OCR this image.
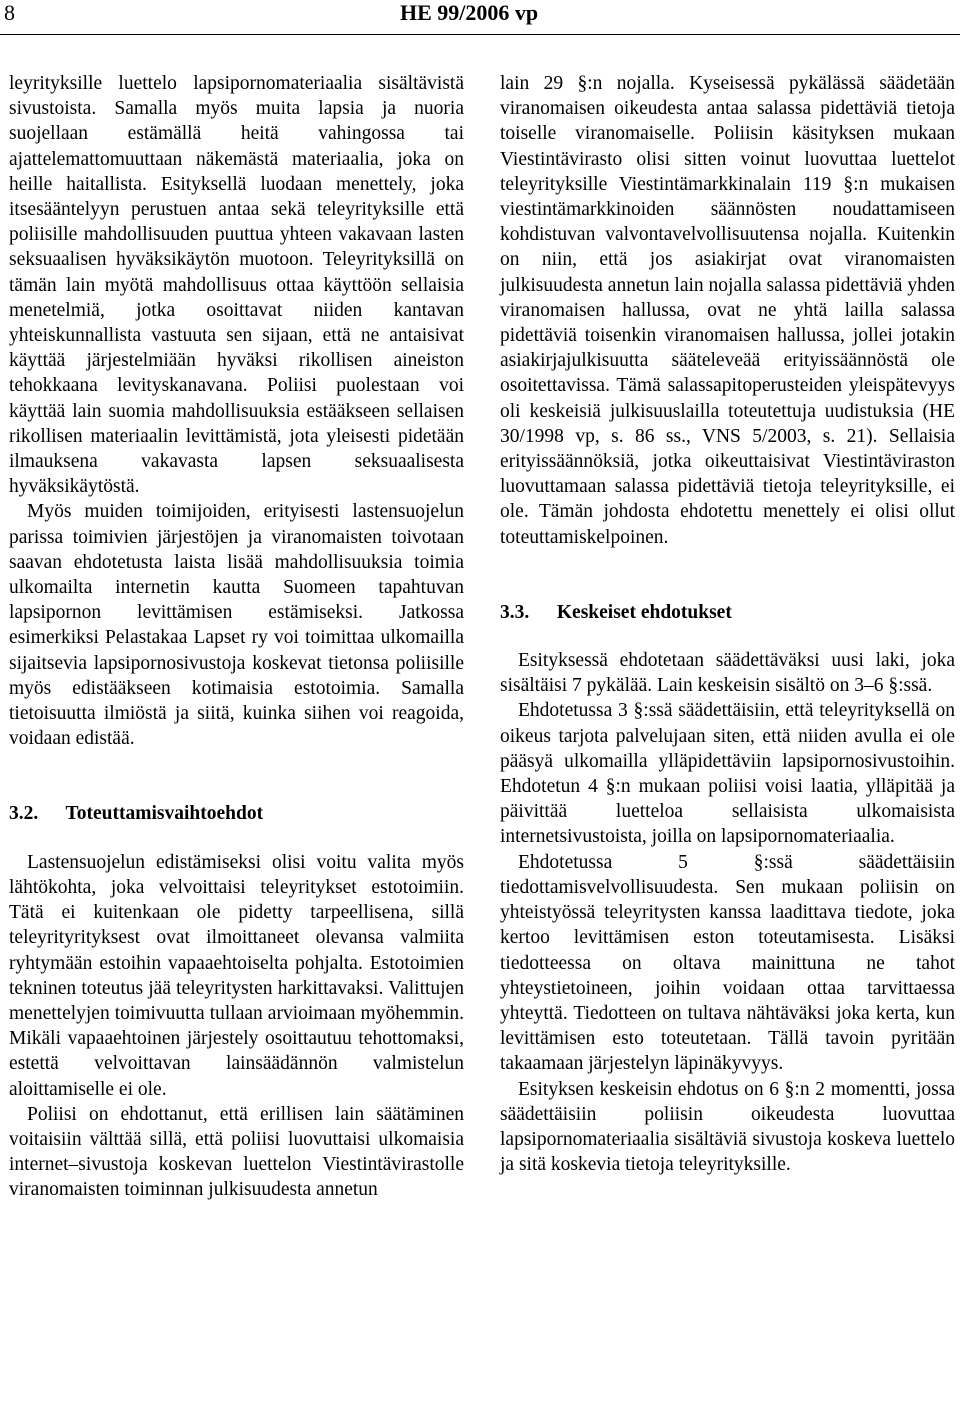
8	HE 99/2006 vp

leyrityksille luettelo lapsipornomateriaalia sisältävistä sivustoista. Samalla myös muita lapsia ja nuoria suojellaan estämällä heitä vahingossa tai ajattelemattomuuttaan näkemästä materiaalia, joka on heille haitallista. Esityksellä luodaan menettely, joka itsesääntelyyn perustuen antaa sekä teleyrityksille että poliisille mahdollisuuden puuttua yhteen vakavaan lasten seksuaalisen hyväksikäytön muotoon. Teleyrityksillä on tämän lain myötä mahdollisuus ottaa käyttöön sellaisia menetelmiä, jotka osoittavat niiden kantavan yhteiskunnallista vastuuta sen sijaan, että ne antaisivat käyttää järjestelmiään hyväksi rikollisen aineiston tehokkaana levityskanavana. Poliisi puolestaan voi käyttää lain suomia mahdollisuuksia estääkseen sellaisen rikollisen materiaalin levittämistä, jota yleisesti pidetään ilmauksena vakavasta lapsen seksuaalisesta hyväksikäytöstä.

Myös muiden toimijoiden, erityisesti lastensuojelun parissa toimivien järjestöjen ja viranomaisten toivotaan saavan ehdotetusta laista lisää mahdollisuuksia toimia ulkomailta internetin kautta Suomeen tapahtuvan lapsipornon levittämisen estämiseksi. Jatkossa esimerkiksi Pelastakaa Lapset ry voi toimittaa ulkomailla sijaitsevia lapsipornosivustoja koskevat tietonsa poliisille myös edistääkseen kotimaisia estotoimia. Samalla tietoisuutta ilmiöstä ja siitä, kuinka siihen voi reagoida, voidaan edistää.

3.2. Toteuttamisvaihtoehdot

Lastensuojelun edistämiseksi olisi voitu valita myös lähtökohta, joka velvoittaisi teleyritykset estotoimiin. Tätä ei kuitenkaan ole pidetty tarpeellisena, sillä teleyrityrityksest ovat ilmoittaneet olevansa valmiita ryhtymään estoihin vapaaehtoiselta pohjalta. Estotoimien tekninen toteutus jää teleyritysten harkittavaksi. Valittujen menettelyjen toimivuutta tullaan arvioimaan myöhemmin. Mikäli vapaaehtoinen järjestely osoittautuu tehottomaksi, estettä velvoittavan lainsäädännön valmistelun aloittamiselle ei ole.

Poliisi on ehdottanut, että erillisen lain säätäminen voitaisiin välttää sillä, että poliisi luovuttaisi ulkomaisia internet–sivustoja koskevan luettelon Viestintävirastolle viranomaisten toiminnan julkisuudesta annetun

lain 29 §:n nojalla. Kyseisessä pykälässä säädetään viranomaisen oikeudesta antaa salassa pidettäviä tietoja toiselle viranomaiselle. Poliisin käsityksen mukaan Viestintävirasto olisi sitten voinut luovuttaa luettelot teleyrityksille Viestintämarkkinalain 119 §:n mukaisen viestintämarkkinoiden säännösten noudattamiseen kohdistuvan valvontavelvollisuutensa nojalla. Kuitenkin on niin, että jos asiakirjat ovat viranomaisten julkisuudesta annetun lain nojalla salassa pidettäviä yhden viranomaisen hallussa, ovat ne yhtä lailla salassa pidettäviä toisenkin viranomaisen hallussa, jollei jotakin asiakirjajulkisuutta sääteleveää erityissäännöstä ole osoitettavissa. Tämä salassapitoperusteiden yleispätevyys oli keskeisiä julkisuuslailla toteutettuja uudistuksia (HE 30/1998 vp, s. 86 ss., VNS 5/2003, s. 21). Sellaisia erityissäännöksiä, jotka oikeuttaisivat Viestintäviraston luovuttamaan salassa pidettäviä tietoja teleyrityksille, ei ole. Tämän johdosta ehdotettu menettely ei olisi ollut toteuttamiskelpoinen.

3.3. Keskeiset ehdotukset

Esityksessä ehdotetaan säädettäväksi uusi laki, joka sisältäisi 7 pykälää. Lain keskeisin sisältö on 3–6 §:ssä.

Ehdotetussa 3 §:ssä säädettäisiin, että teleyrityksellä on oikeus tarjota palvelujaan siten, että niiden avulla ei ole pääsyä ulkomailla ylläpidettäviin lapsipornosivustoihin. Ehdotetun 4 §:n mukaan poliisi voisi laatia, ylläpitää ja päivittää luetteloa sellaisista ulkomaisista internetsivustoista, joilla on lapsipornomateriaalia.

Ehdotetussa 5 §:ssä säädettäisiin tiedottamisvelvollisuudesta. Sen mukaan poliisin on yhteistyössä teleyritysten kanssa laadittava tiedote, joka kertoo levittämisen eston toteutamisesta. Lisäksi tiedotteessa on oltava mainittuna ne tahot yhteystietoineen, joihin voidaan ottaa tarvittaessa yhteyttä. Tiedotteen on tultava nähtäväksi joka kerta, kun levittämisen esto toteutetaan. Tällä tavoin pyritään takaamaan järjestelyn läpinäkyvyys.

Esityksen keskeisin ehdotus on 6 §:n 2 momentti, jossa säädettäisiin poliisin oikeudesta luovuttaa lapsipornomateriaalia sisältäviä sivustoja koskeva luettelo ja sitä koskevia tietoja teleyrityksille.
